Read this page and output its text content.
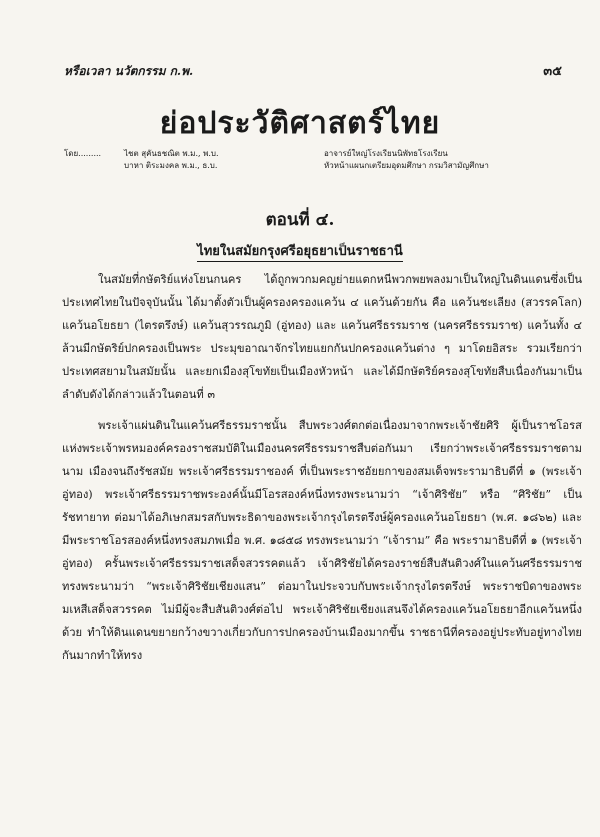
หรือเวลา นวัตกรรม ก.พ.	๓๕
ย่อประวัติศาสตร์ไทย
โดย.........	ไชต สุคันธชณิต พ.ม., พ.บ.
บาหา ติระมงคล พ.ม., ธ.บ.
อาจารย์ใหญ่โรงเรียนนิพัทธโรงเรียน
หัวหน้าแผนกเตรียมอุดมศึกษา กรมวิสามัญศึกษา
ตอนที่ ๔.
ไทยในสมัยกรุงศรีอยุธยาเป็นราชธานี

ในสมัยที่กษัตริย์แห่งโยนกนคร ได้ถูกพวกมคญย่ายแตกหนีพวกพยพลงมาเป็นใหญ่ในดินแดนซึ่งเป็นประเทศไทยในปัจจุบันนั้น ได้มาตั้งตัวเป็นผู้ครองครองแคว้น ๔ แคว้นด้วยกัน คือ แคว้นชะเลียง (สวรรคโลก) แคว้นอโยธยา (ไตรตรึงษ์) แคว้นสุวรรณภูมิ (อู่ทอง) และ แคว้นศรีธรรมราช (นครศรีธรรมราช) แคว้นทั้ง ๔ ล้วนมีกษัตริย์ปกครองเป็นพระ ประมุขอาณาจักรไทยแยกกันปกครองแคว้นต่าง ๆ มาโดยอิสระ รวมเรียกว่าประเทศสยามในสมัยนั้น และยกเมืองสุโขทัยเป็นเมืองหัวหน้า และได้มีกษัตริย์ครองสุโขทัยสืบเนื่องกันมาเป็นลำดับดังได้กล่าวแล้วในตอนที่ ๓

พระเจ้าแผ่นดินในแคว้นศรีธรรมราชนั้น สืบพระวงศ์ตกต่อเนื่องมาจากพระเจ้าชัยศิริ ผู้เป็นราชโอรสแห่งพระเจ้าพรหมองค์ครองราชสมบัติในเมืองนครศรีธรรมราชสืบต่อกันมา เรียกว่าพระเจ้าศรีธรรมราชตามนาม เมืองจนถึงรัชสมัย พระเจ้าศรีธรรมราชองค์ ที่เป็นพระราชอัยยกาของสมเด็จพระรามาธิบดีที่ ๑ (พระเจ้าอู่ทอง) พระเจ้าศรีธรรมราชพระองค์นั้นมีโอรสองค์หนึ่งทรงพระนามว่า “เจ้าศิริชัย” หรือ “ศิริชัย” เป็นรัชทายาท ต่อมาได้อภิเษกสมรสกับพระธิดาของพระเจ้ากรุงไตรตรึงษ์ผู้ครองแคว้นอโยธยา (พ.ศ. ๑๘๖๒) และมีพระราชโอรสองค์หนึ่งทรงสมภพเมื่อ พ.ศ. ๑๘๕๘ ทรงพระนามว่า “เจ้าราม” คือ พระรามาธิบดีที่ ๑ (พระเจ้าอู่ทอง) ครั้นพระเจ้าศรีธรรมราชเสด็จสวรรคตแล้ว เจ้าศิริชัยได้ครองราชย์สืบสันติวงศ์ในแคว้นศรีธรรมราช ทรงพระนามว่า “พระเจ้าศิริชัยเชียงแสน” ต่อมาในประจวบกับพระเจ้ากรุงไตรตรึงษ์ พระราชบิดาของพระมเหสีเสด็จสวรรคต ไม่มีผู้จะสืบสันติวงศ์ต่อไป พระเจ้าศิริชัยเชียงแสนจึงได้ครองแคว้นอโยธยาอีกแคว้นหนึ่งด้วย ทำให้ดินแดนขยายกว้างขวางเกี่ยวกับการปกครองบ้านเมืองมากขึ้น ราชธานีที่ครองอยู่ประทับอยู่ทางไทยกันมากทำให้ทรง
